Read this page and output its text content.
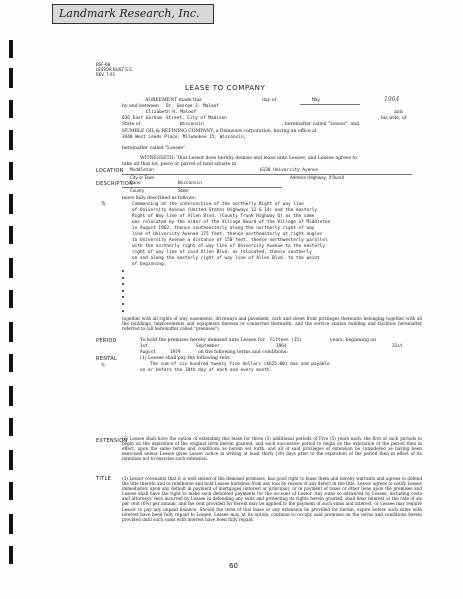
Landmark Research, Inc.
BSF-6B
LESSOR BUILT S.S.
REV. 7-61
LEASE TO COMPANY
AGREEMENT made this	day of	May	1964
by and between Dr. George J. Maloof
and
Elizabeth H. Maloof
, his wife, of
636 East Gorham Street, City of Madison
State of	Wisconsin	, hereinafter called "Lessor", and
HUMBLE OIL & REFINING COMPANY, a Delaware corporation, having an office at
3440 West Leeds Place, Milwaukee 15, Wisconsin,
hereinafter called "Lessee".
WITNESSETH: That Lessor does hereby demise and lease unto Lessee, and Lessee agrees to
take all that lot, piece or parcel of land situate in
LOCATION Middleton	6130 University Avenue
City or Town	Address (Highway, if Rural)
Dane	Wisconsin
County	State
DESCRIPTION
✎
more fully described as follows:
Commencing at the intersection of the northerly Right of way line
of University Avenue (United States Highways 12 & 14) and the easterly
Right of Way line of Allen Blvd. (County Trunk Highway Q) as the same
was relocated by the order of the Village Board of the Village of Middleton
in August 1962, thence southeasterly along the northerly right of way
line of University Avenue 175 feet, thence northeasterly at right angles
to University Avenue a distance of 150 feet, thence northwesterly parallel
with the northerly right of way line of University Avenue to the easterly
right of way line of said Allen Blvd. as relocated, thence southerly
on and along the easterly right of way line of Allen Blvd. to the point
of beginning.
together with all rights of way, easements, driveways and pavement, curb and street front privileges thereunto belonging together with all the buildings, improvements and equipment thereon or connected therewith, and the service station building and facilities hereinafter referred to (all hereinafter called "premises").
PERIOD	To hold the premises hereby demised unto Lessee for Fifteen (15)	years, beginning on
1st	September	1964	31st
August	1979	on the following terms and conditions:
RENTAL
✎
(1) Lessee shall pay the following rent:
The sum of six hundred twenty five dollars ($625.00) due and payable
on or before the 10th day of each and every month.
EXTENSION
(2) Lessee shall have the option of extending this lease for three (3) additional periods of Five (5) years each, the first of such periods to begin on the expiration of the original term herein granted, and each successive period to begin on the expiration of the period then in effect, upon the same terms and conditions as herein set forth, and all of said privileges of extension be considered as having been exercised unless Lessee gives Lessor notice in writing at least thirty (30) days prior to the expiration of the period then in effect of its intention not to exercise such extension.
TITLE	(3) Lessor covenants that it is well seized of the demised premises, has good right to lease them and hereby warrants and agrees to defend the title thereto and to reimburse and hold Lessee harmless from any loss by reason of any defect in the title. Lessor agrees to notify Lessee immediately upon any default in payment of mortgages (interest or principal), or in payment of taxes or other liens upon the premises and Lessee shall have the right to make such defaulted payments for the account of Lessor. Any sums so advanced by Lessee, including costs and attorneys' fees incurred by Lessee in defending any suits and protecting its rights herein granted, shall bear interest at the rate of six per cent (6%) per annum, and the rent provided for herein may be applied to the payment of such sums and interest, or Lessee may require Lessor to pay any unpaid balance. Should the term of this lease or any extension be provided for herein, expire before such sums with interest have been fully repaid to Lessee, Lessee may, at its option, continue to occupy said premises on the terms and conditions herein provided until such sums with interest have been fully repaid.
60
